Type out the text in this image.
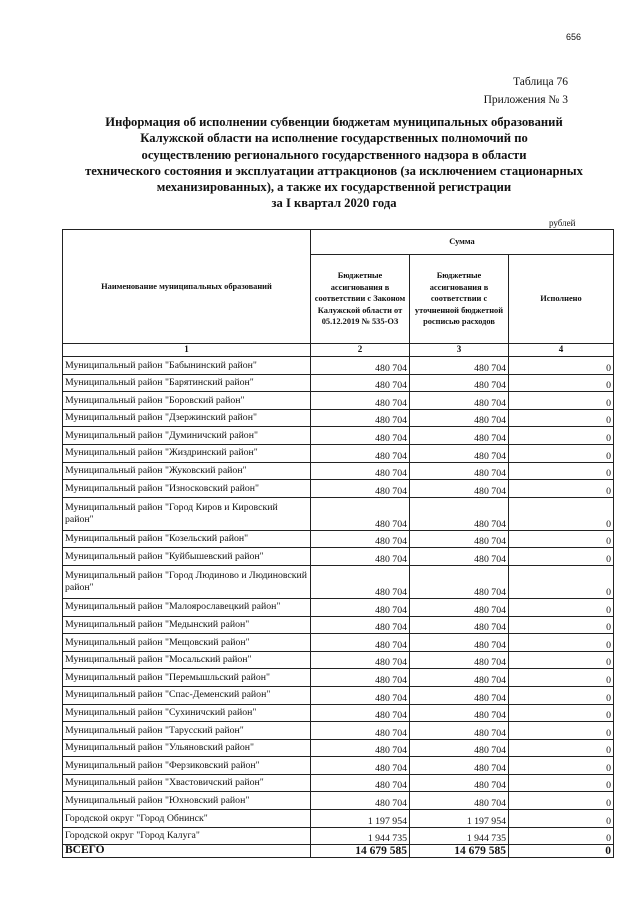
656
Таблица 76
Приложения № 3
Информация об исполнении субвенции бюджетам муниципальных образований
Калужской области на исполнение государственных полномочий по
осуществлению регионального государственного надзора в области
технического состояния и эксплуатации аттракционов (за исключением стационарных
механизированных), а также их государственной регистрации
за I квартал 2020 года
рублей
Наименование муниципальных образований	Сумма		
	Бюджетные ассигнования в соответствии с Законом Калужской области от 05.12.2019 № 535-ОЗ	Бюджетные ассигнования в соответствии с уточненной бюджетной росписью расходов	Исполнено
1	2	3	4
Муниципальный район "Бабынинский район"	480 704	480 704	0
Муниципальный район "Барятинский район"	480 704	480 704	0
Муниципальный район "Боровский район"	480 704	480 704	0
Муниципальный район "Дзержинский район"	480 704	480 704	0
Муниципальный район "Думиничский район"	480 704	480 704	0
Муниципальный район "Жиздринский район"	480 704	480 704	0
Муниципальный район "Жуковский район"	480 704	480 704	0
Муниципальный район "Износковский район"	480 704	480 704	0
Муниципальный район "Город Киров и Кировский район"	480 704	480 704	0
Муниципальный район "Козельский район"	480 704	480 704	0
Муниципальный район "Куйбышевский район"	480 704	480 704	0
Муниципальный район "Город Людиново и Людиновский район"	480 704	480 704	0
Муниципальный район "Малоярославецкий район"	480 704	480 704	0
Муниципальный район "Медынский район"	480 704	480 704	0
Муниципальный район "Мещовский район"	480 704	480 704	0
Муниципальный район "Мосальский район"	480 704	480 704	0
Муниципальный район "Перемышльский район"	480 704	480 704	0
Муниципальный район "Спас-Деменский район"	480 704	480 704	0
Муниципальный район "Сухиничский район"	480 704	480 704	0
Муниципальный район "Тарусский район"	480 704	480 704	0
Муниципальный район "Ульяновский район"	480 704	480 704	0
Муниципальный район "Ферзиковский район"	480 704	480 704	0
Муниципальный район "Хвастовичский район"	480 704	480 704	0
Муниципальный район "Юхновский район"	480 704	480 704	0
Городской округ "Город Обнинск"	1 197 954	1 197 954	0
Городской округ "Город Калуга"	1 944 735	1 944 735	0
ВСЕГО	14 679 585	14 679 585	0
